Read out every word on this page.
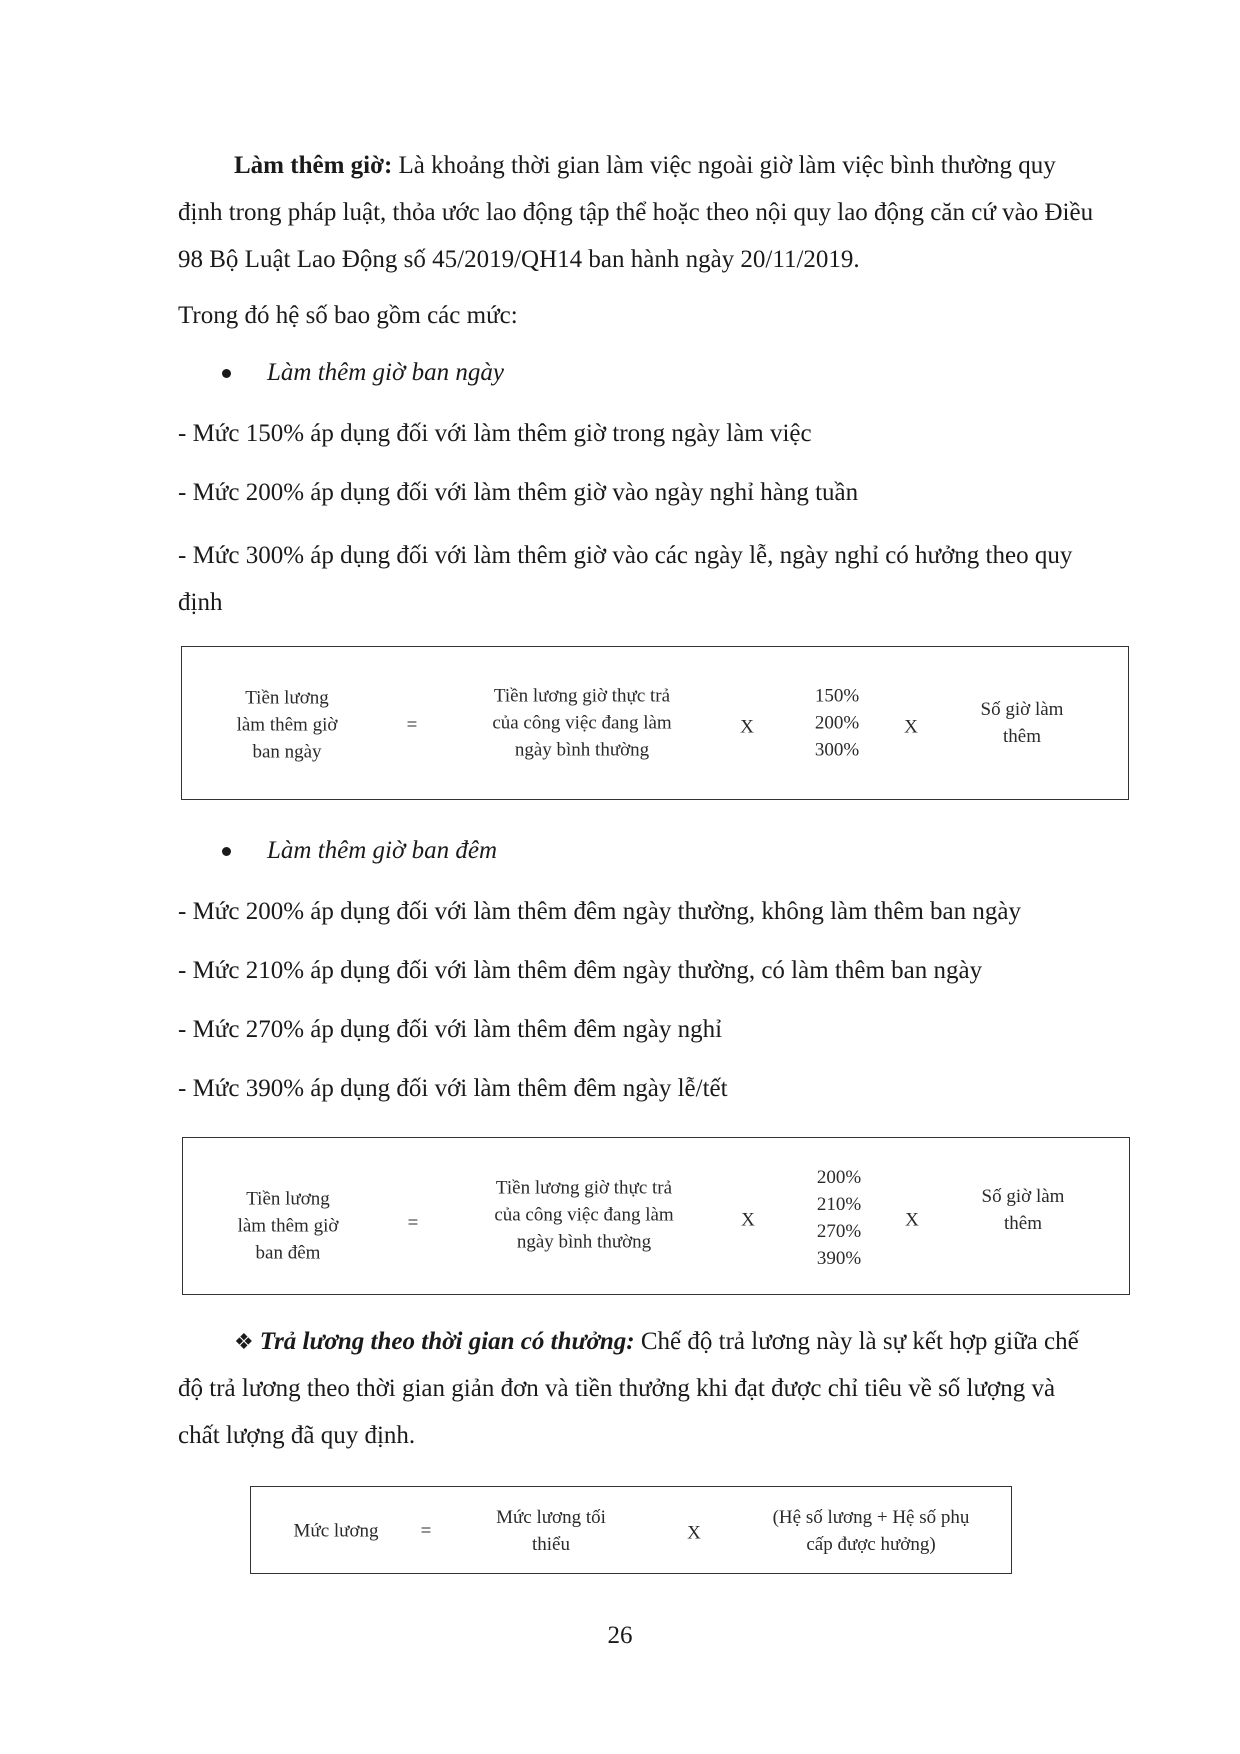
Làm thêm giờ: Là khoảng thời gian làm việc ngoài giờ làm việc bình thường quy định trong pháp luật, thỏa ước lao động tập thể hoặc theo nội quy lao động căn cứ vào Điều 98 Bộ Luật Lao Động số 45/2019/QH14 ban hành ngày 20/11/2019.

Trong đó hệ số bao gồm các mức:
Làm thêm giờ ban ngày
- Mức 150% áp dụng đối với làm thêm giờ trong ngày làm việc
- Mức 200% áp dụng đối với làm thêm giờ vào ngày nghỉ hàng tuần

- Mức 300% áp dụng đối với làm thêm giờ vào các ngày lễ, ngày nghỉ có hưởng theo quy định

Tiền lương
làm thêm giờ
ban ngày
=
Tiền lương giờ thực trả
của công việc đang làm
ngày bình thường
X
150%
200%
300%
X
Số giờ làm
thêm
Làm thêm giờ ban đêm
- Mức 200% áp dụng đối với làm thêm đêm ngày thường, không làm thêm ban ngày
- Mức 210% áp dụng đối với làm thêm đêm ngày thường, có làm thêm ban ngày
- Mức 270% áp dụng đối với làm thêm đêm ngày nghỉ
- Mức 390% áp dụng đối với làm thêm đêm ngày lễ/tết
Tiền lương
làm thêm giờ
ban đêm
=
Tiền lương giờ thực trả
của công việc đang làm
ngày bình thường
X
200%
210%
270%
390%
X
Số giờ làm
thêm

❖ Trả lương theo thời gian có thưởng: Chế độ trả lương này là sự kết hợp giữa chế độ trả lương theo thời gian giản đơn và tiền thưởng khi đạt được chỉ tiêu về số lượng và chất lượng đã quy định.

Mức lương	=
Mức lương tối
thiểu
X
(Hệ số lương + Hệ số phụ
cấp được hưởng)
26
